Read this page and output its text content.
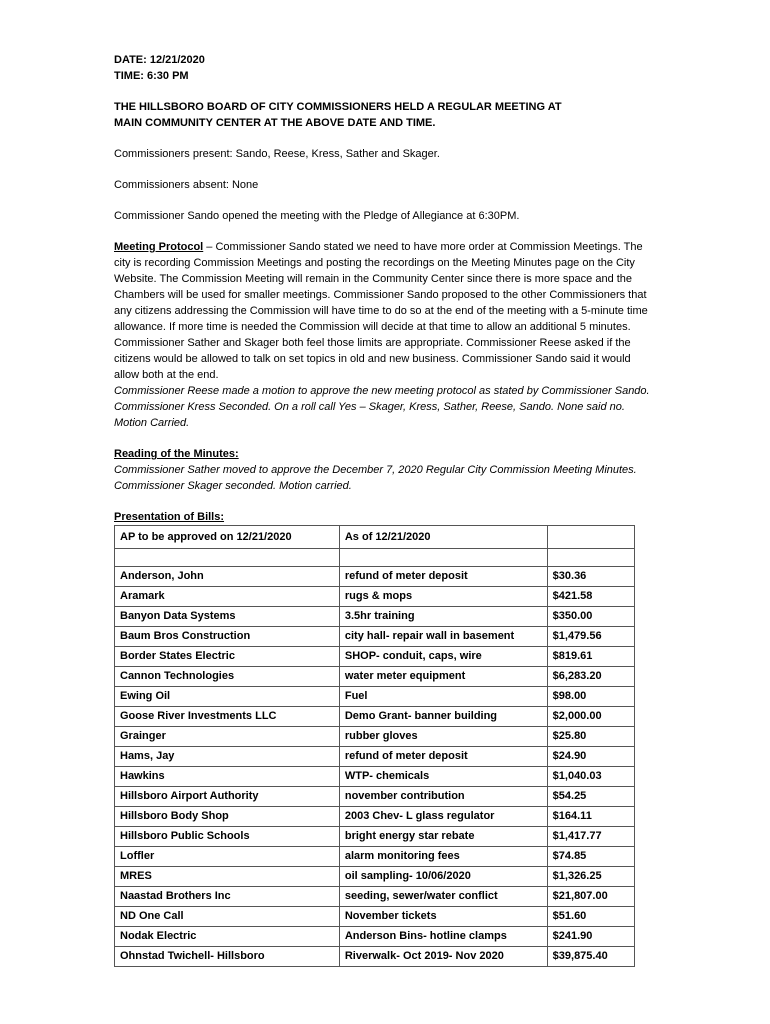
DATE: 12/21/2020

TIME: 6:30 PM

THE HILLSBORO BOARD OF CITY COMMISSIONERS HELD A REGULAR MEETING AT

MAIN COMMUNITY CENTER AT THE ABOVE DATE AND TIME.

Commissioners present: Sando, Reese, Kress, Sather and Skager.

Commissioners absent: None

Commissioner Sando opened the meeting with the Pledge of Allegiance at 6:30PM.

Meeting Protocol – Commissioner Sando stated we need to have more order at Commission Meetings. The city is recording Commission Meetings and posting the recordings on the Meeting Minutes page on the City Website. The Commission Meeting will remain in the Community Center since there is more space and the Chambers will be used for smaller meetings. Commissioner Sando proposed to the other Commissioners that any citizens addressing the Commission will have time to do so at the end of the meeting with a 5-minute time allowance. If more time is needed the Commission will decide at that time to allow an additional 5 minutes. Commissioner Sather and Skager both feel those limits are appropriate. Commissioner Reese asked if the citizens would be allowed to talk on set topics in old and new business. Commissioner Sando said it would allow both at the end.

Commissioner Reese made a motion to approve the new meeting protocol as stated by Commissioner Sando. Commissioner Kress Seconded. On a roll call Yes – Skager, Kress, Sather, Reese, Sando. None said no. Motion Carried.

Reading of the Minutes:

Commissioner Sather moved to approve the December 7, 2020 Regular City Commission Meeting Minutes. Commissioner Skager seconded. Motion carried.

Presentation of Bills:

AP to be approved on 12/21/2020	As of 12/21/2020	

Anderson, John	refund of meter deposit	$30.36
Aramark	rugs & mops	$421.58
Banyon Data Systems	3.5hr training	$350.00
Baum Bros Construction	city hall- repair wall in basement	$1,479.56
Border States Electric	SHOP- conduit, caps, wire	$819.61
Cannon Technologies	water meter equipment	$6,283.20
Ewing Oil	Fuel	$98.00
Goose River Investments LLC	Demo Grant- banner building	$2,000.00
Grainger	rubber gloves	$25.80
Hams, Jay	refund of meter deposit	$24.90
Hawkins	WTP- chemicals	$1,040.03
Hillsboro Airport Authority	november contribution	$54.25
Hillsboro Body Shop	2003 Chev- L glass regulator	$164.11
Hillsboro Public Schools	bright energy star rebate	$1,417.77
Loffler	alarm monitoring fees	$74.85
MRES	oil sampling- 10/06/2020	$1,326.25
Naastad Brothers Inc	seeding, sewer/water conflict	$21,807.00
ND One Call	November tickets	$51.60
Nodak Electric	Anderson Bins- hotline clamps	$241.90
Ohnstad Twichell- Hillsboro	Riverwalk- Oct 2019- Nov 2020	$39,875.40
